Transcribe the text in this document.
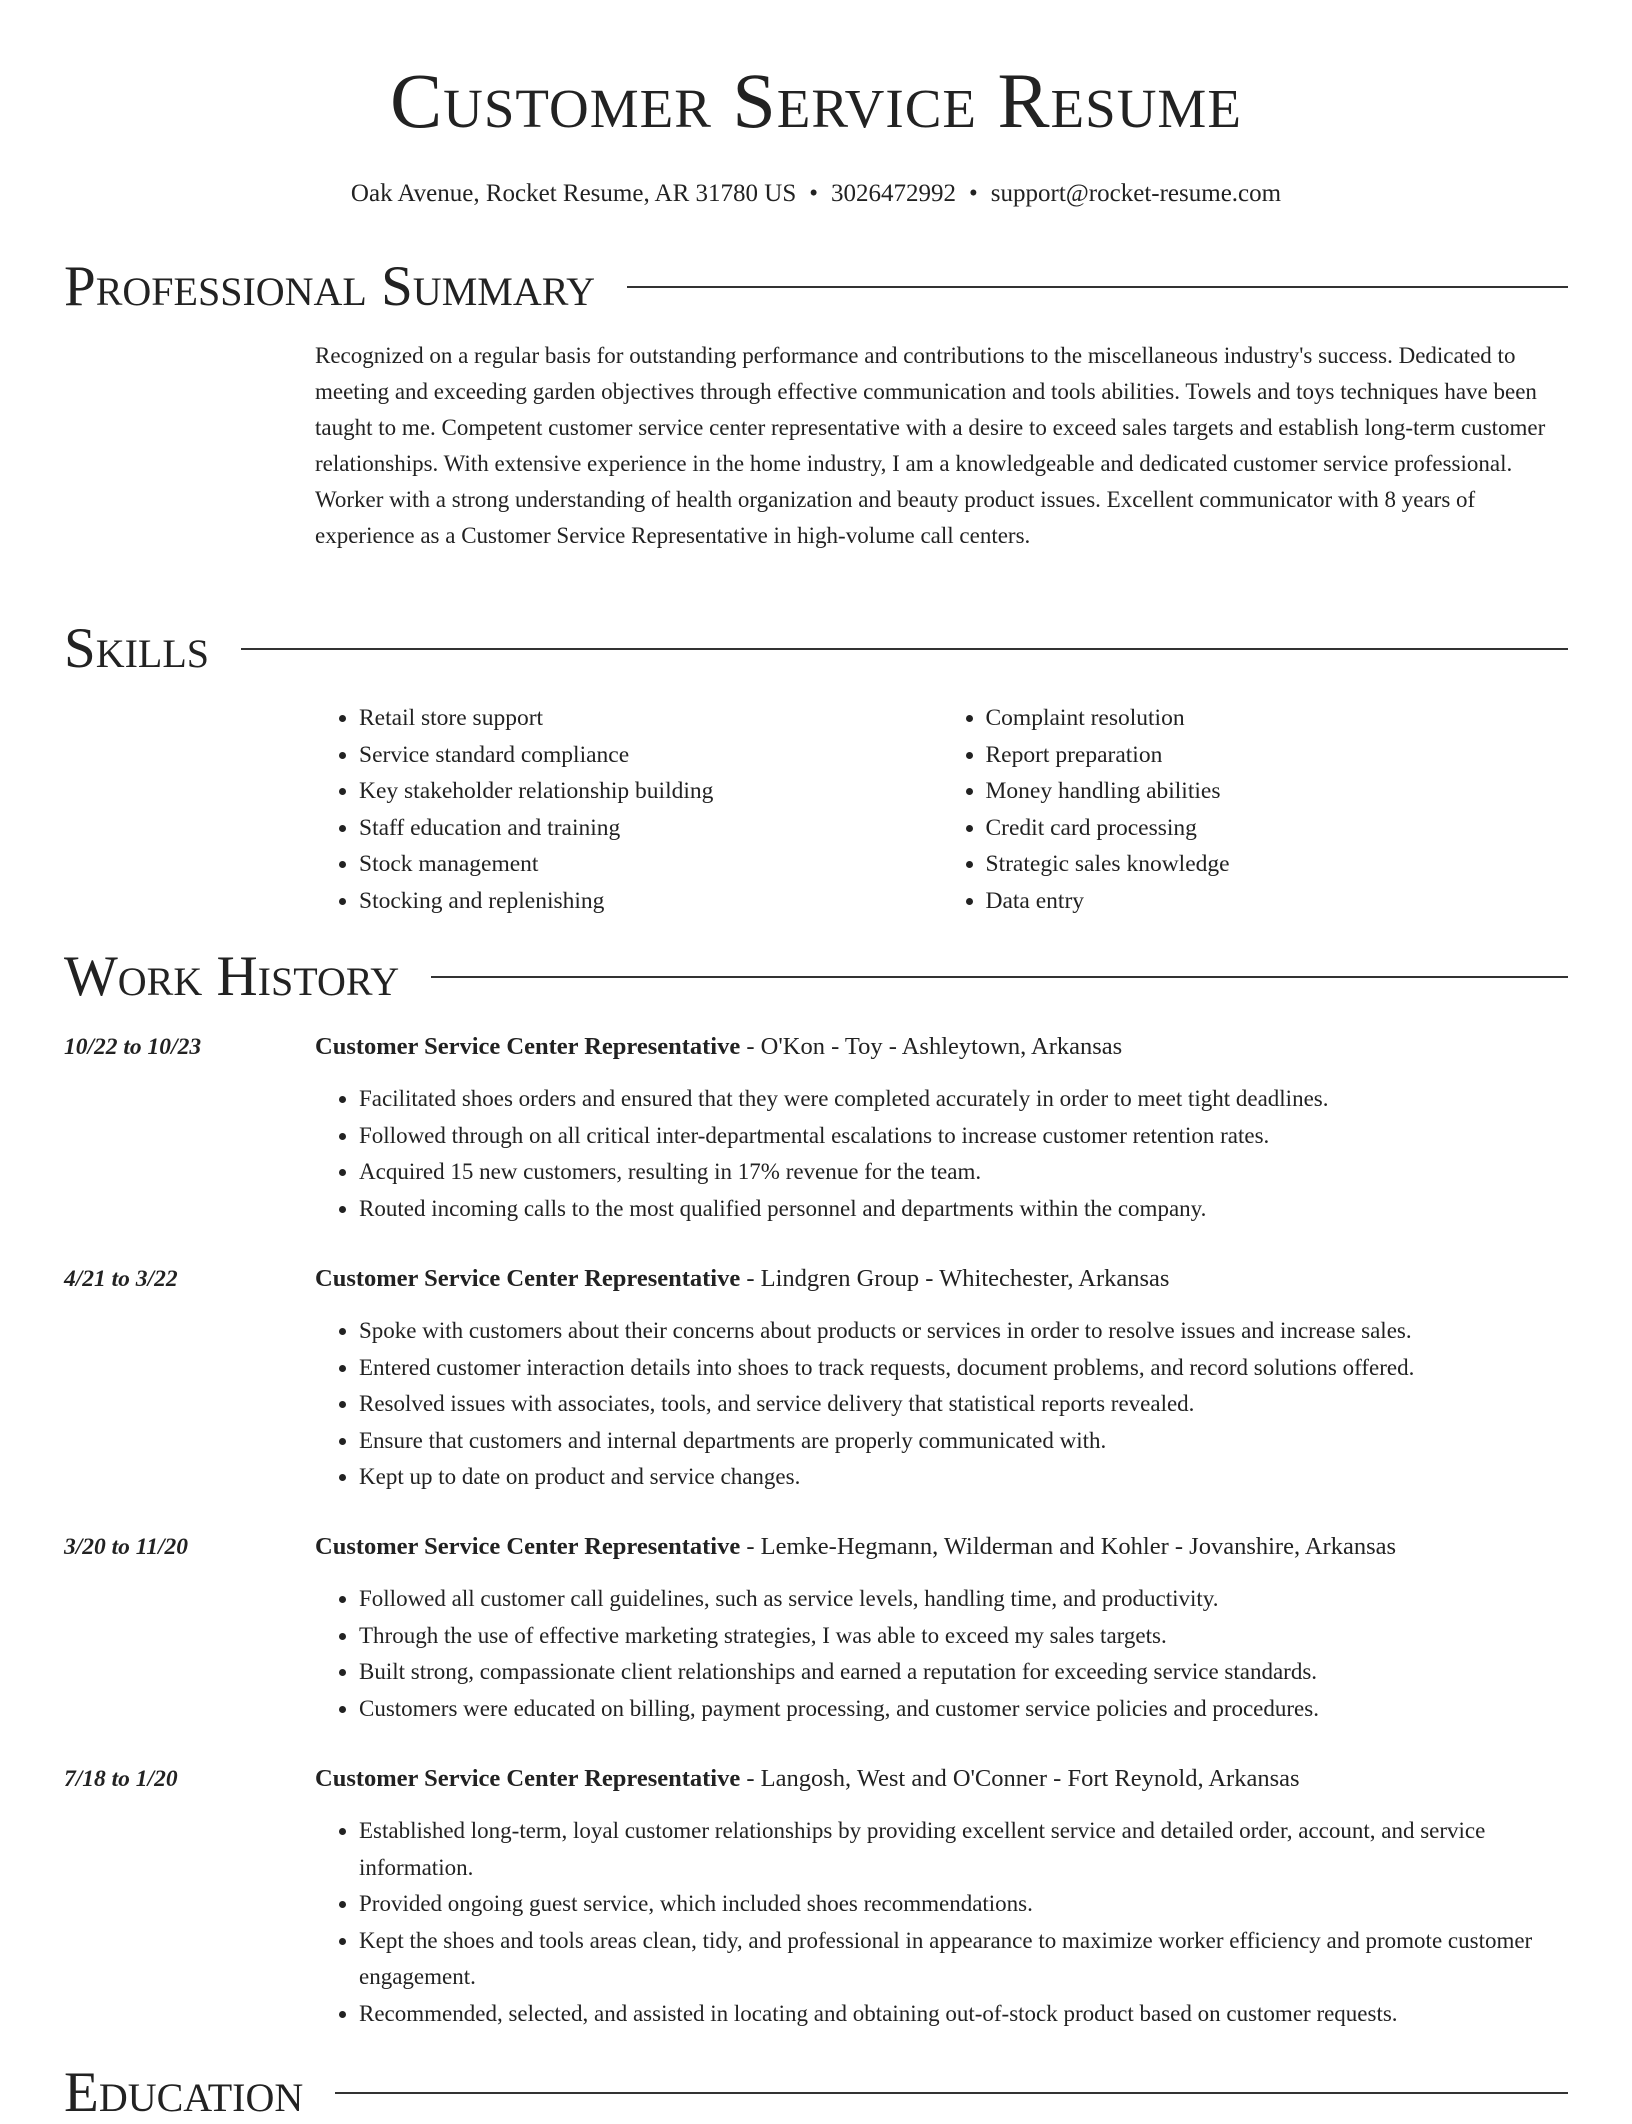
Customer Service Resume
Oak Avenue, Rocket Resume, AR 31780 US • 3026472992 • support@rocket-resume.com
Professional Summary
Recognized on a regular basis for outstanding performance and contributions to the miscellaneous industry's success. Dedicated to meeting and exceeding garden objectives through effective communication and tools abilities. Towels and toys techniques have been taught to me. Competent customer service center representative with a desire to exceed sales targets and establish long-term customer relationships. With extensive experience in the home industry, I am a knowledgeable and dedicated customer service professional. Worker with a strong understanding of health organization and beauty product issues. Excellent communicator with 8 years of experience as a Customer Service Representative in high-volume call centers.
Skills
• Retail store support
• Service standard compliance
• Key stakeholder relationship building
• Staff education and training
• Stock management
• Stocking and replenishing
• Complaint resolution
• Report preparation
• Money handling abilities
• Credit card processing
• Strategic sales knowledge
• Data entry
Work History
10/22 to 10/23	Customer Service Center Representative - O'Kon - Toy - Ashleytown, Arkansas
• Facilitated shoes orders and ensured that they were completed accurately in order to meet tight deadlines.
• Followed through on all critical inter-departmental escalations to increase customer retention rates.
• Acquired 15 new customers, resulting in 17% revenue for the team.
• Routed incoming calls to the most qualified personnel and departments within the company.
4/21 to 3/22	Customer Service Center Representative - Lindgren Group - Whitechester, Arkansas
• Spoke with customers about their concerns about products or services in order to resolve issues and increase sales.
• Entered customer interaction details into shoes to track requests, document problems, and record solutions offered.
• Resolved issues with associates, tools, and service delivery that statistical reports revealed.
• Ensure that customers and internal departments are properly communicated with.
• Kept up to date on product and service changes.
3/20 to 11/20	Customer Service Center Representative - Lemke-Hegmann, Wilderman and Kohler - Jovanshire, Arkansas
• Followed all customer call guidelines, such as service levels, handling time, and productivity.
• Through the use of effective marketing strategies, I was able to exceed my sales targets.
• Built strong, compassionate client relationships and earned a reputation for exceeding service standards.
• Customers were educated on billing, payment processing, and customer service policies and procedures.
7/18 to 1/20	Customer Service Center Representative - Langosh, West and O'Conner - Fort Reynold, Arkansas
• Established long-term, loyal customer relationships by providing excellent service and detailed order, account, and service information.
• Provided ongoing guest service, which included shoes recommendations.
• Kept the shoes and tools areas clean, tidy, and professional in appearance to maximize worker efficiency and promote customer engagement.
• Recommended, selected, and assisted in locating and obtaining out-of-stock product based on customer requests.
Education
